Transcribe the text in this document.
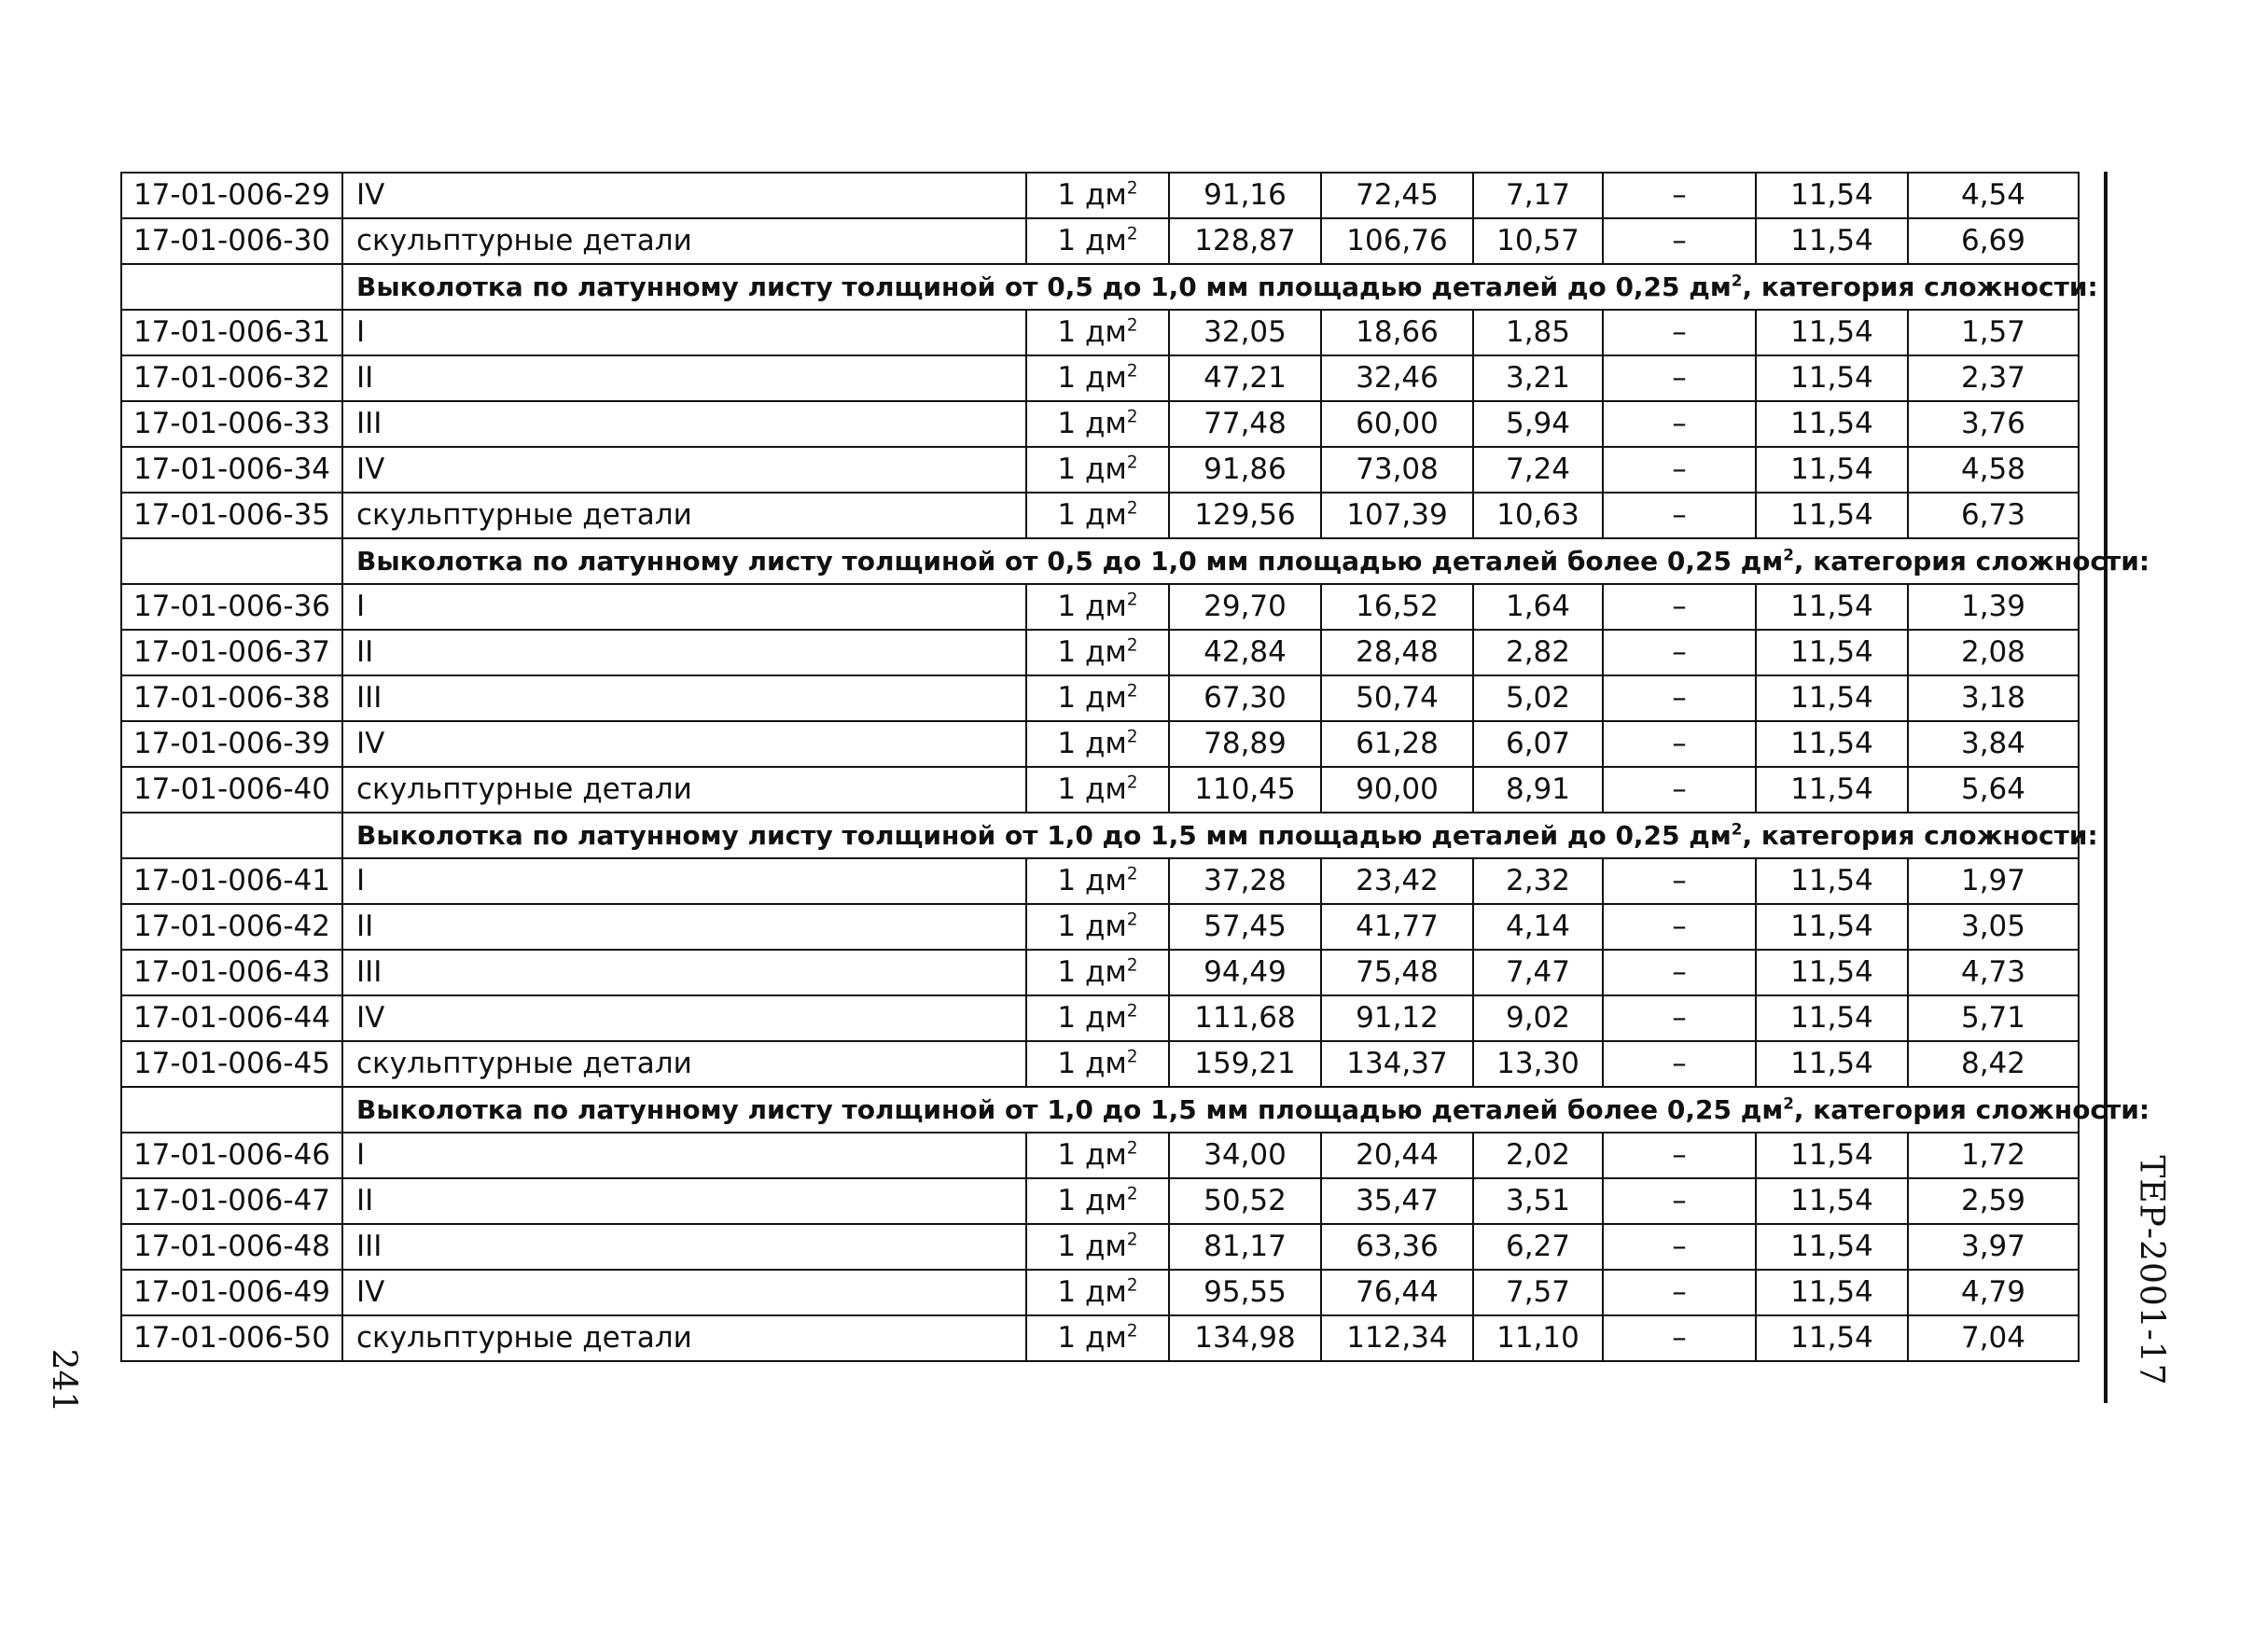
17-01-006-29	IV	1 $дм^2$	91,16	72,45	7,17	–	11,54	4,54
17-01-006-30	скульптурные детали	1 $дм^2$	128,87	106,76	10,57	–	11,54	6,69
	Выколотка по латунному листу толщиной от 0,5 до 1,0 мм площадью деталей до 0,25 $дм^2$, категория сложности:							
17-01-006-31	I	1 $дм^2$	32,05	18,66	1,85	–	11,54	1,57
17-01-006-32	II	1 $дм^2$	47,21	32,46	3,21	–	11,54	2,37
17-01-006-33	III	1 $дм^2$	77,48	60,00	5,94	–	11,54	3,76
17-01-006-34	IV	1 $дм^2$	91,86	73,08	7,24	–	11,54	4,58
17-01-006-35	скульптурные детали	1 $дм^2$	129,56	107,39	10,63	–	11,54	6,73
	Выколотка по латунному листу толщиной от 0,5 до 1,0 мм площадью деталей более 0,25 $дм^2$, категория сложности:							
17-01-006-36	I	1 $дм^2$	29,70	16,52	1,64	–	11,54	1,39
17-01-006-37	II	1 $дм^2$	42,84	28,48	2,82	–	11,54	2,08
17-01-006-38	III	1 $дм^2$	67,30	50,74	5,02	–	11,54	3,18
17-01-006-39	IV	1 $дм^2$	78,89	61,28	6,07	–	11,54	3,84
17-01-006-40	скульптурные детали	1 $дм^2$	110,45	90,00	8,91	–	11,54	5,64
	Выколотка по латунному листу толщиной от 1,0 до 1,5 мм площадью деталей до 0,25 $дм^2$, категория сложности:							
17-01-006-41	I	1 $дм^2$	37,28	23,42	2,32	–	11,54	1,97
17-01-006-42	II	1 $дм^2$	57,45	41,77	4,14	–	11,54	3,05
17-01-006-43	III	1 $дм^2$	94,49	75,48	7,47	–	11,54	4,73
17-01-006-44	IV	1 $дм^2$	111,68	91,12	9,02	–	11,54	5,71
17-01-006-45	скульптурные детали	1 $дм^2$	159,21	134,37	13,30	–	11,54	8,42
	Выколотка по латунному листу толщиной от 1,0 до 1,5 мм площадью деталей более 0,25 $дм^2$, категория сложности:							
17-01-006-46	I	1 $дм^2$	34,00	20,44	2,02	–	11,54	1,72
17-01-006-47	II	1 $дм^2$	50,52	35,47	3,51	–	11,54	2,59
17-01-006-48	III	1 $дм^2$	81,17	63,36	6,27	–	11,54	3,97
17-01-006-49	IV	1 $дм^2$	95,55	76,44	7,57	–	11,54	4,79
17-01-006-50	скульптурные детали	1 $дм^2$	134,98	112,34	11,10	–	11,54	7,04	ТЕР-2001-17
241
